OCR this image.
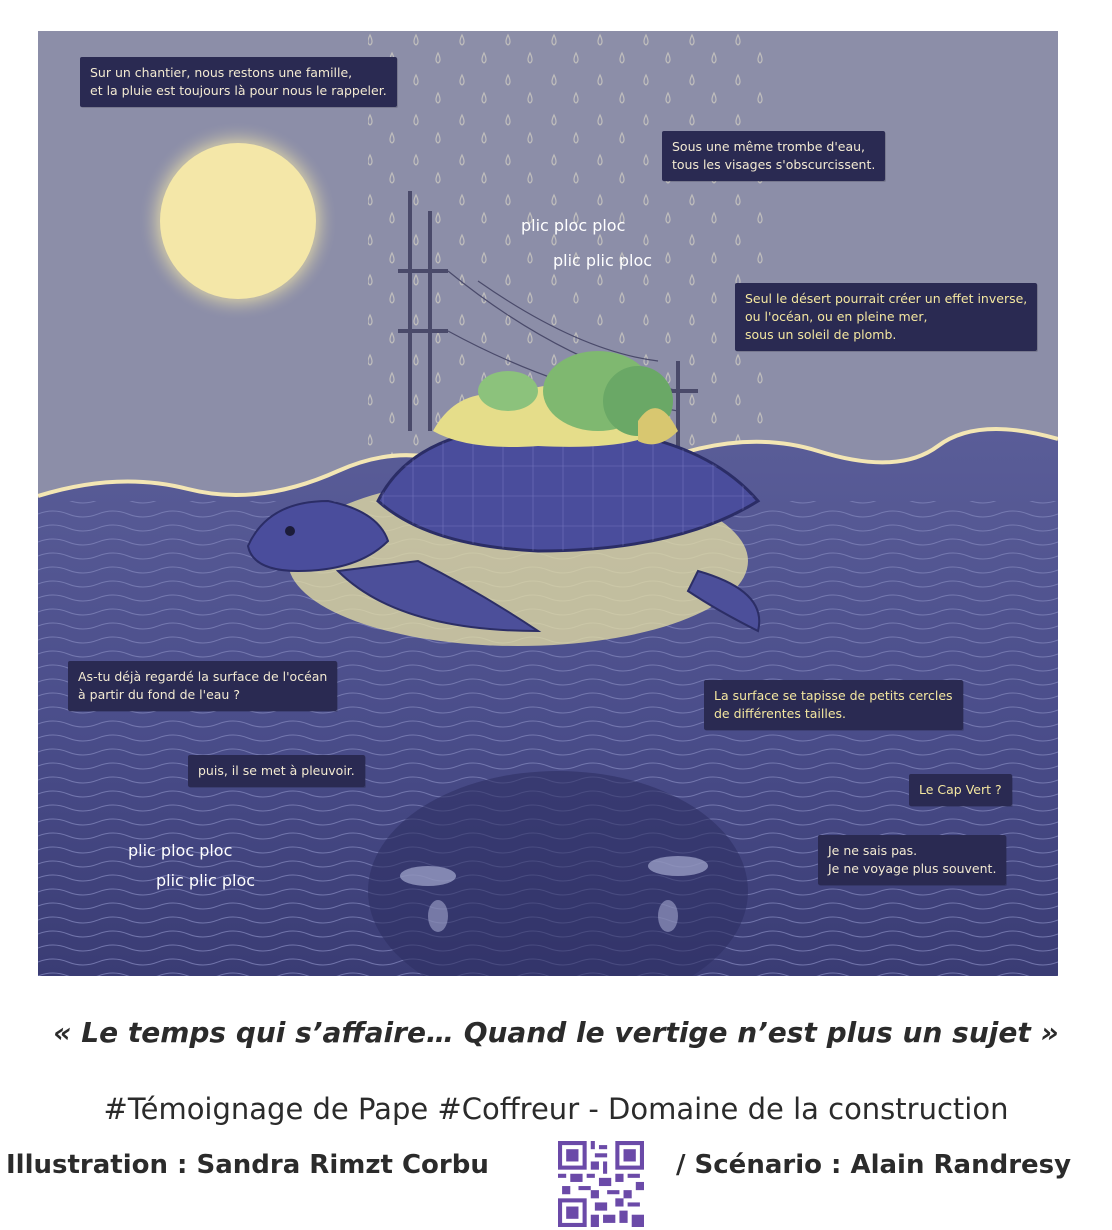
Sur un chantier, nous restons une famille,
et la pluie est toujours là pour nous le rappeler.
Sous une même trombe d'eau,
tous les visages s'obscurcissent.
Seul le désert pourrait créer un effet inverse,
ou l'océan, ou en pleine mer,
sous un soleil de plomb.
As-tu déjà regardé la surface de l'océan
à partir du fond de l'eau ?
puis, il se met à pleuvoir.
La surface se tapisse de petits cercles
de différentes tailles.
Le Cap Vert ?
Je ne sais pas.
Je ne voyage plus souvent.
plic ploc ploc
plic plic ploc
plic ploc ploc
plic plic ploc
« Le temps qui s’affaire… Quand le vertige n’est plus un sujet »
#Témoignage de Pape #Coffreur - Domaine de la construction
Illustration : Sandra Rimzt Corbu	/ Scénario : Alain Randresy
